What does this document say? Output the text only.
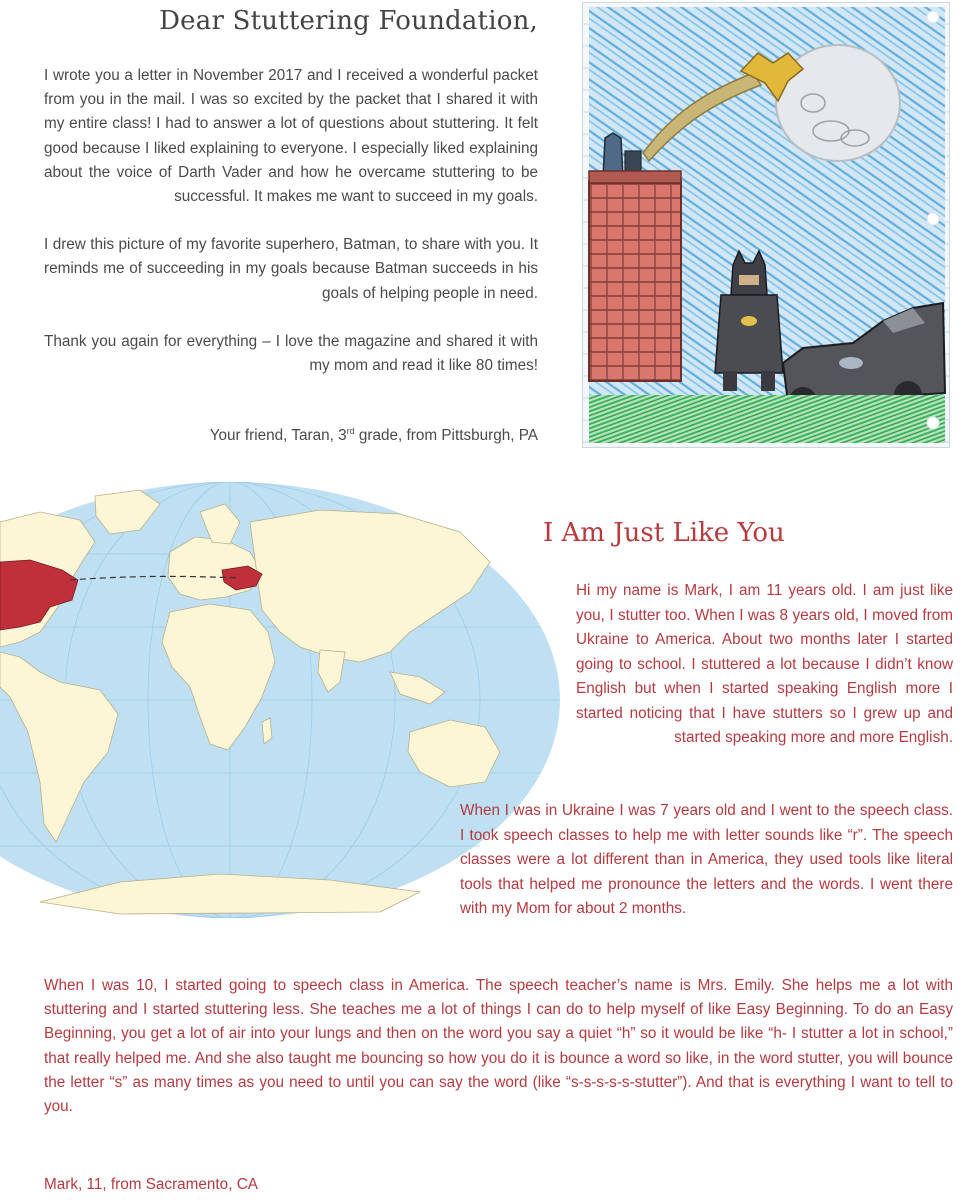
Dear Stuttering Foundation,

I wrote you a letter in November 2017 and I received a wonderful packet from you in the mail. I was so excited by the packet that I shared it with my entire class! I had to answer a lot of questions about stuttering. It felt good because I liked explaining to everyone. I especially liked explaining about the voice of Darth Vader and how he overcame stuttering to be successful. It makes me want to succeed in my goals.

I drew this picture of my favorite superhero, Batman, to share with you. It reminds me of succeeding in my goals because Batman succeeds in his goals of helping people in need.

Thank you again for everything – I love the magazine and shared it with my mom and read it like 80 times!

Your friend, Taran, 3rd grade, from Pittsburgh, PA
I Am Just Like You

Hi my name is Mark, I am 11 years old. I am just like you, I stutter too. When I was 8 years old, I moved from Ukraine to America. About two months later I started going to school. I stuttered a lot because I didn’t know English but when I started speaking English more I started noticing that I have stutters so I grew up and started speaking more and more English.

When I was in Ukraine I was 7 years old and I went to the speech class. I took speech classes to help me with letter sounds like “r”. The speech classes were a lot different than in America, they used tools like literal tools that helped me pronounce the letters and the words. I went there with my Mom for about 2 months.

When I was 10, I started going to speech class in America. The speech teacher’s name is Mrs. Emily. She helps me a lot with stuttering and I started stuttering less. She teaches me a lot of things I can do to help myself of like Easy Beginning. To do an Easy Beginning, you get a lot of air into your lungs and then on the word you say a quiet “h” so it would be like “h- I stutter a lot in school,” that really helped me. And she also taught me bouncing so how you do it is bounce a word so like, in the word stutter, you will bounce the letter “s” as many times as you need to until you can say the word (like “s-s-s-s-s-stutter”). And that is everything I want to tell to you.

Mark, 11, from Sacramento, CA
